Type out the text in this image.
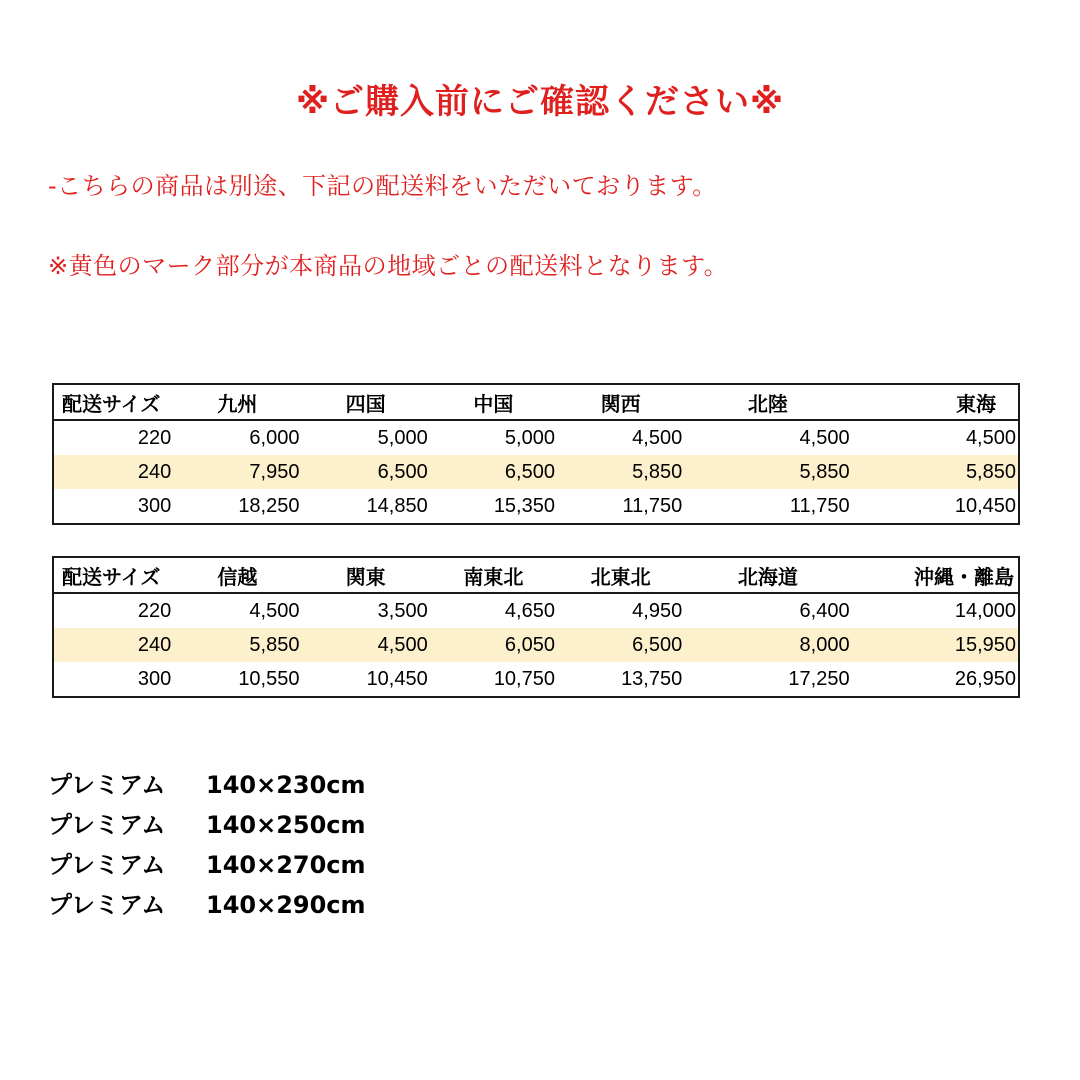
※ご購入前にご確認ください※
-こちらの商品は別途、下記の配送料をいただいております。
※黄色のマーク部分が本商品の地域ごとの配送料となります。
配送サイズ	九州	四国	中国	関西	北陸	東海
220	6,000	5,000	5,000	4,500	4,500	4,500
240	7,950	6,500	6,500	5,850	5,850	5,850
300	18,250	14,850	15,350	11,750	11,750	10,450
配送サイズ	信越	関東	南東北	北東北	北海道	沖縄・離島
220	4,500	3,500	4,650	4,950	6,400	14,000
240	5,850	4,500	6,050	6,500	8,000	15,950
300	10,550	10,450	10,750	13,750	17,250	26,950
プレミアム 140×230cm
プレミアム 140×250cm
プレミアム 140×270cm
プレミアム 140×290cm
